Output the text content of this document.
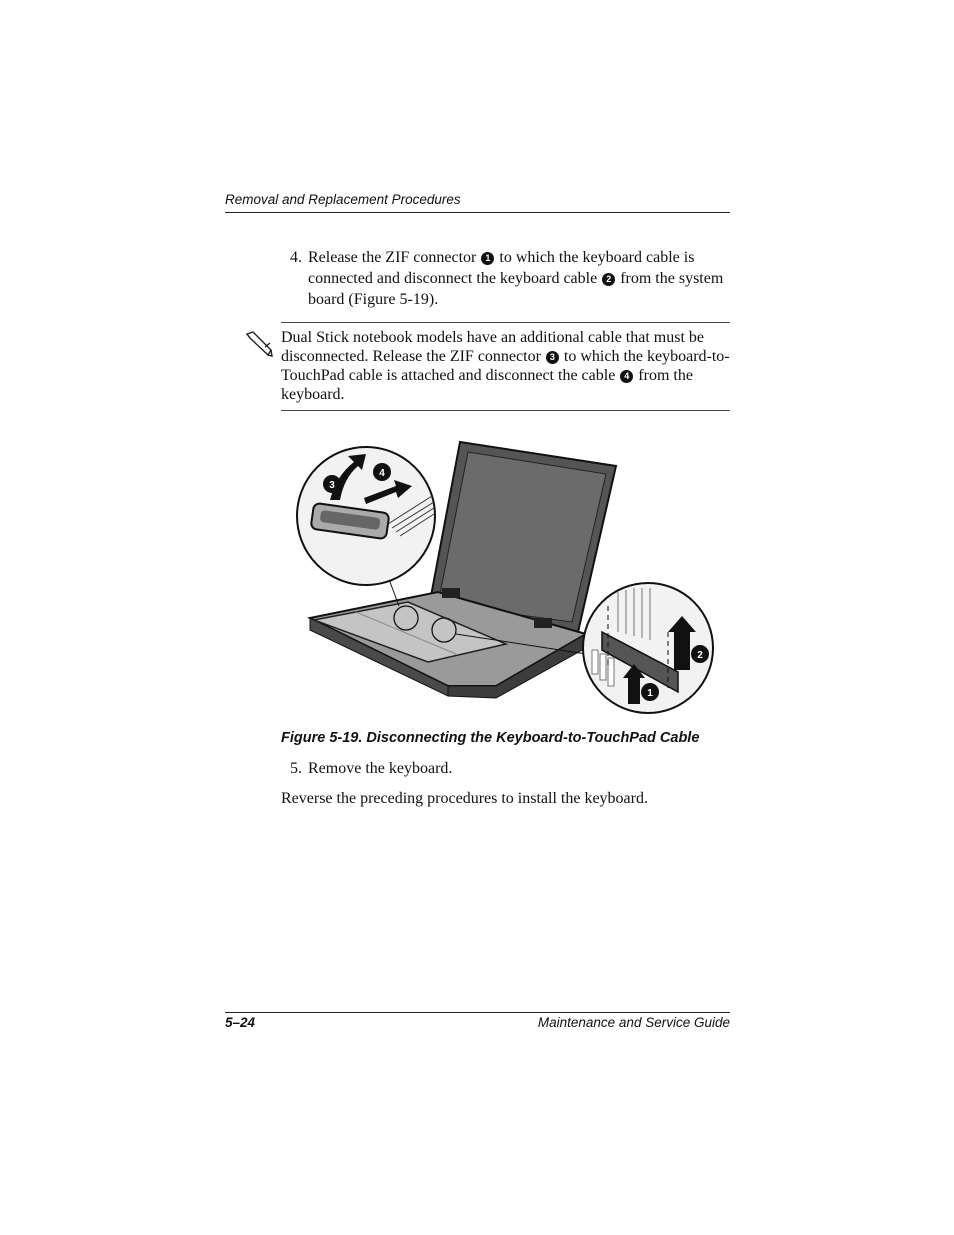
Removal and Replacement Procedures
4. Release the ZIF connector 1 to which the keyboard cable is connected and disconnect the keyboard cable 2 from the system board (Figure 5-19).
Dual Stick notebook models have an additional cable that must be disconnected. Release the ZIF connector 3 to which the keyboard-to-TouchPad cable is attached and disconnect the cable 4 from the keyboard.
3
4
2
1
Figure 5-19. Disconnecting the Keyboard-to-TouchPad Cable
5. Remove the keyboard.
Reverse the preceding procedures to install the keyboard.
5–24	Maintenance and Service Guide
